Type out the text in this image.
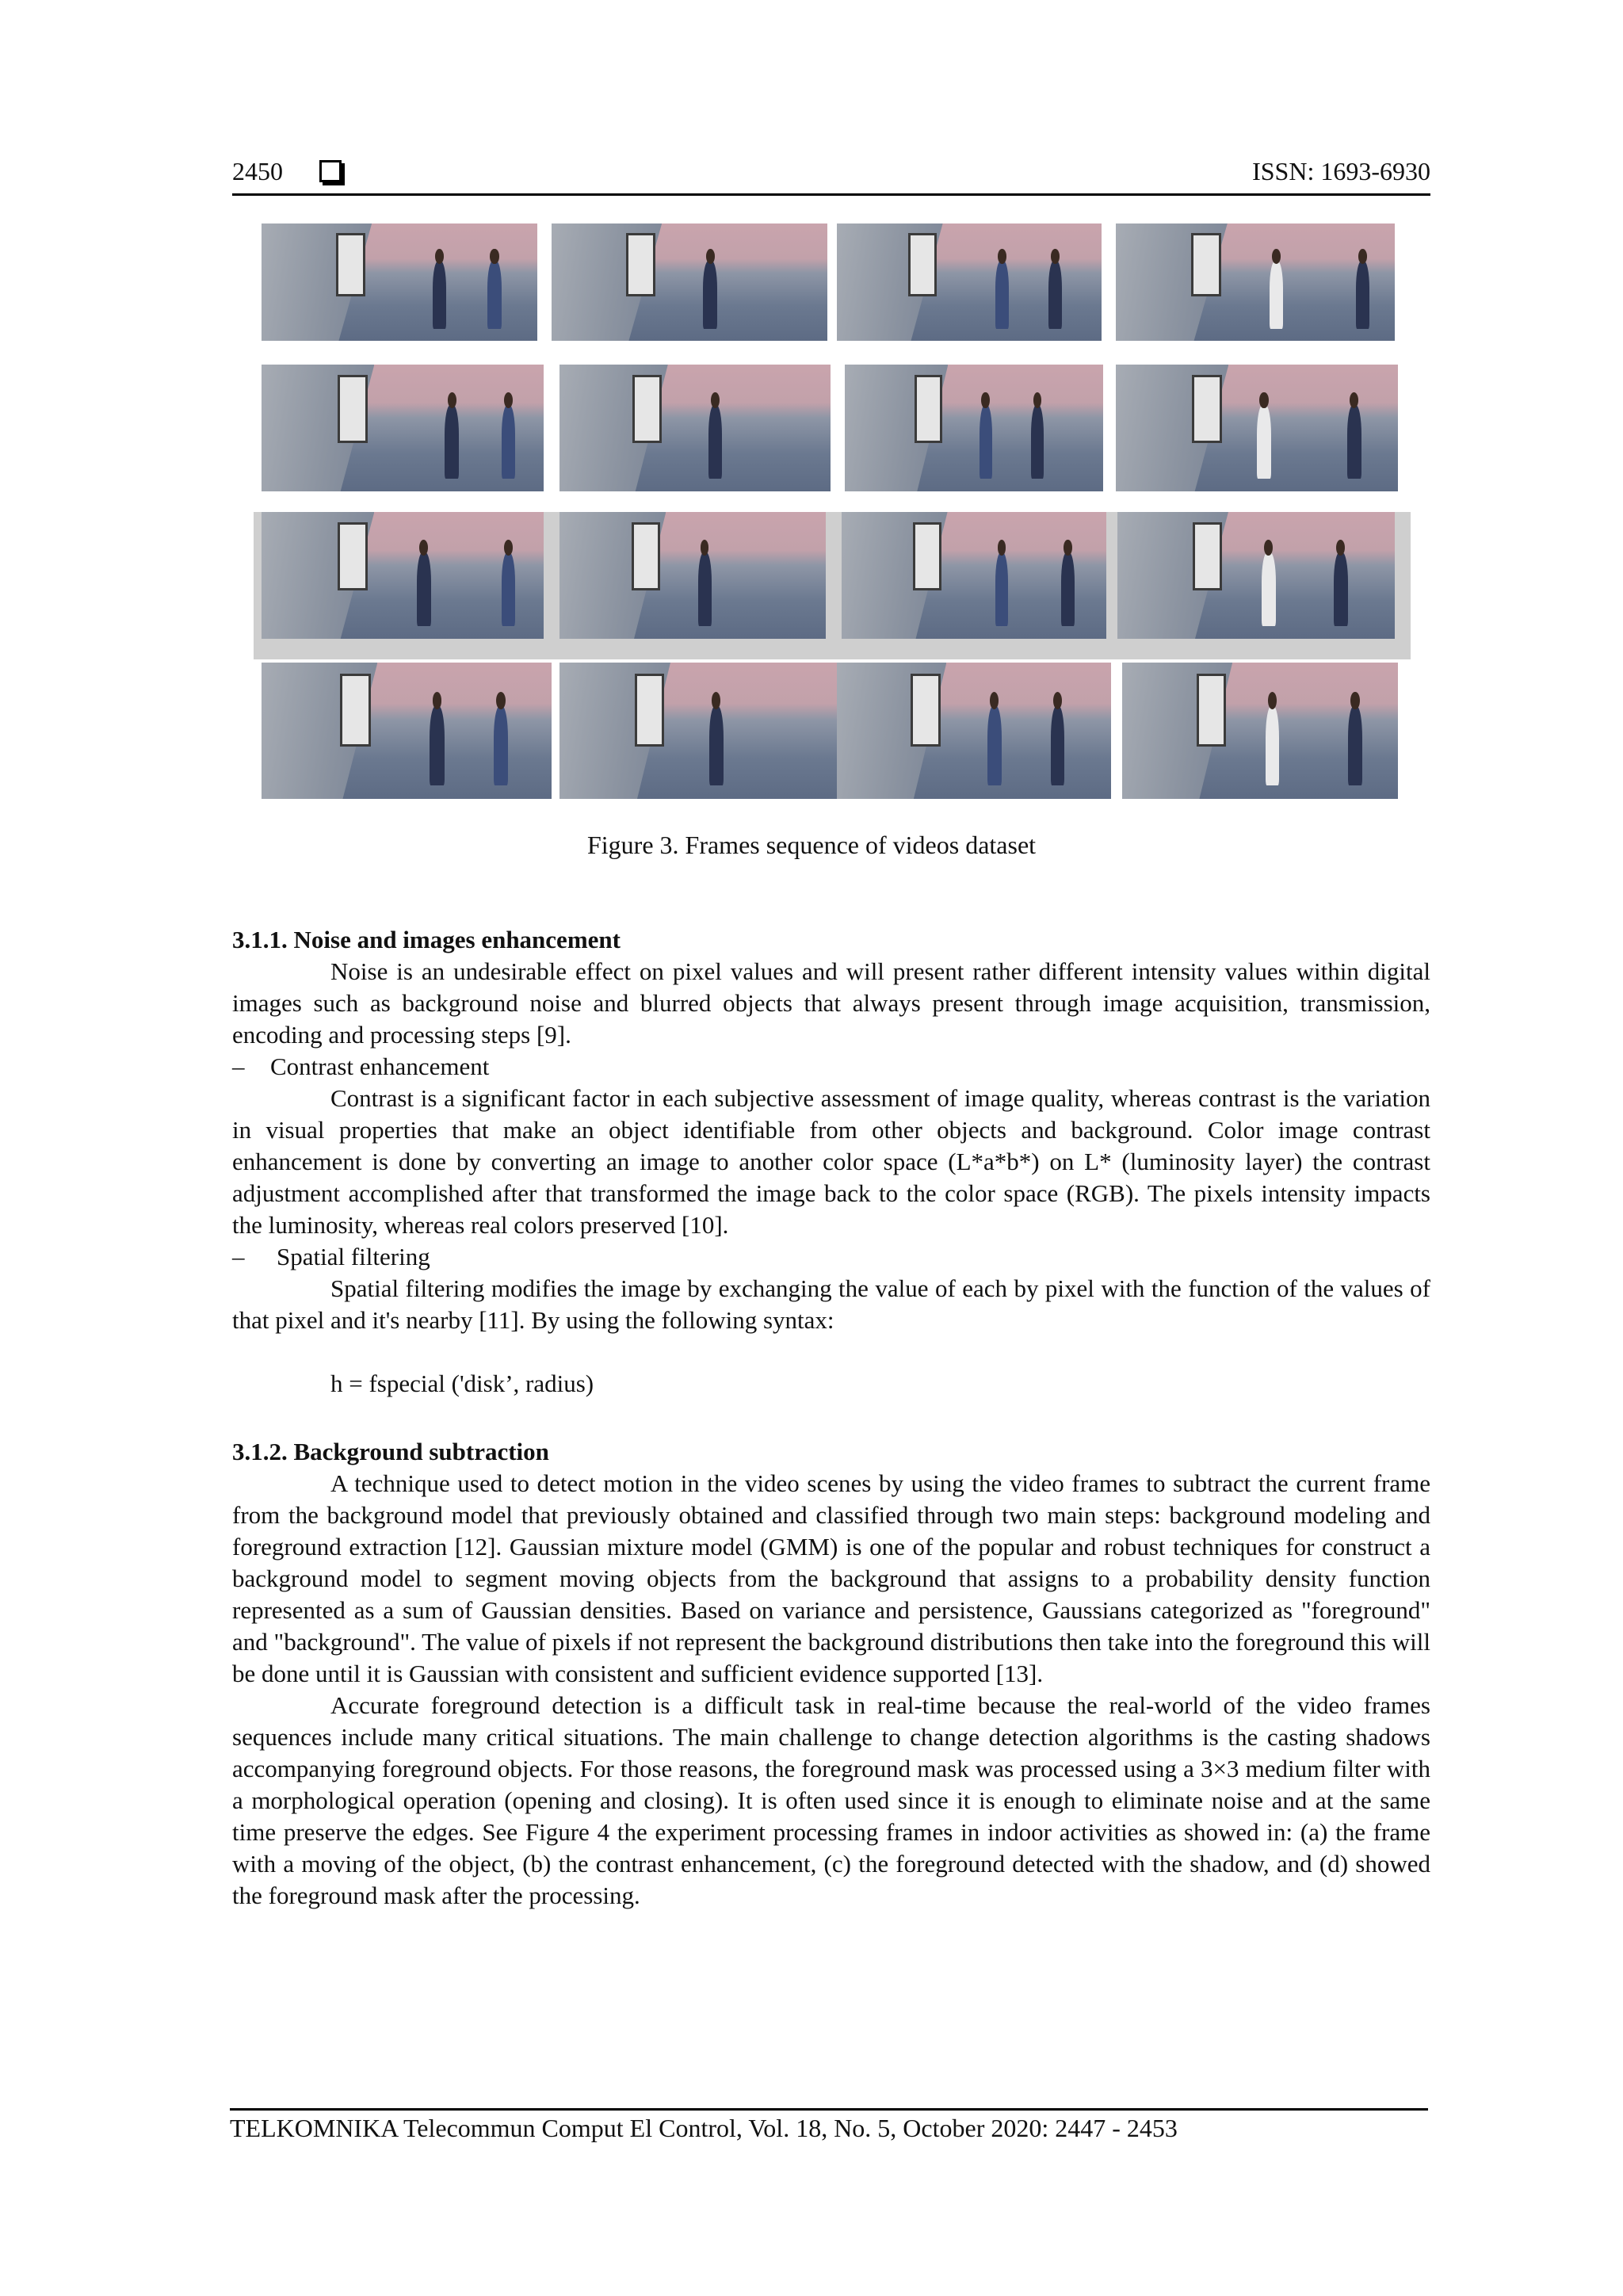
2450	ISSN: 1693-6930
Figure 3. Frames sequence of videos dataset
3.1.1. Noise and images enhancement

Noise is an undesirable effect on pixel values and will present rather different intensity values within digital images such as background noise and blurred objects that always present through image acquisition, transmission, encoding and processing steps [9].

–	Contrast enhancement

Contrast is a significant factor in each subjective assessment of image quality, whereas contrast is the variation in visual properties that make an object identifiable from other objects and background. Color image contrast enhancement is done by converting an image to another color space (L*a*b*) on L* (luminosity layer) the contrast adjustment accomplished after that transformed the image back to the color space (RGB). The pixels intensity impacts the luminosity, whereas real colors preserved [10].

–	Spatial filtering

Spatial filtering modifies the image by exchanging the value of each by pixel with the function of the values of that pixel and it's nearby [11]. By using the following syntax:

h = fspecial ('disk’, radius)

3.1.2. Background subtraction

A technique used to detect motion in the video scenes by using the video frames to subtract the current frame from the background model that previously obtained and classified through two main steps: background modeling and foreground extraction [12]. Gaussian mixture model (GMM) is one of the popular and robust techniques for construct a background model to segment moving objects from the background that assigns to a probability density function represented as a sum of Gaussian densities. Based on variance and persistence, Gaussians categorized as "foreground" and "background". The value of pixels if not represent the background distributions then take into the foreground this will be done until it is Gaussian with consistent and sufficient evidence supported [13].

Accurate foreground detection is a difficult task in real-time because the real-world of the video frames sequences include many critical situations. The main challenge to change detection algorithms is the casting shadows accompanying foreground objects. For those reasons, the foreground mask was processed using a 3×3 medium filter with a morphological operation (opening and closing). It is often used since it is enough to eliminate noise and at the same time preserve the edges. See Figure 4 the experiment processing frames in indoor activities as showed in: (a) the frame with a moving of the object, (b) the contrast enhancement, (c) the foreground detected with the shadow, and (d) showed the foreground mask after the processing.

TELKOMNIKA Telecommun Comput El Control, Vol. 18, No. 5, October 2020: 2447 - 2453
